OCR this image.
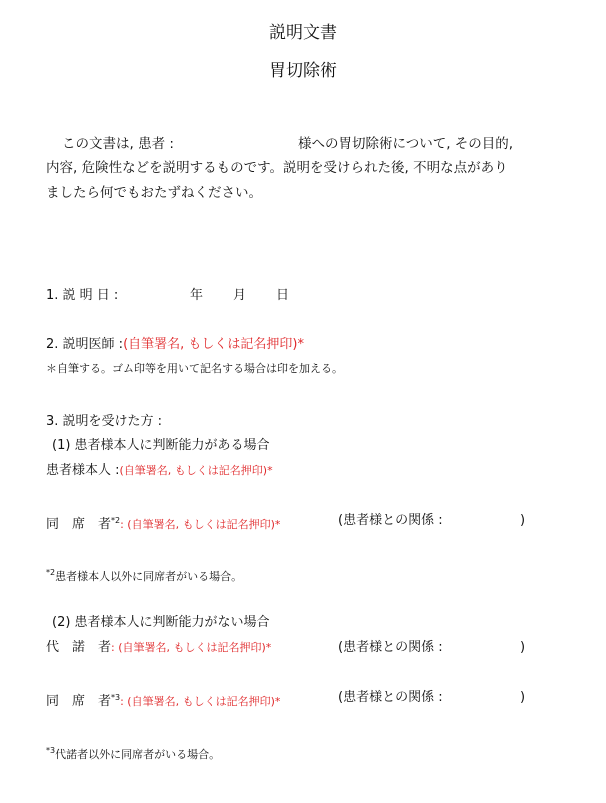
説明文書
胃切除術
この文書は, 患者 :	様への胃切除術について, その目的,
内容, 危険性などを説明するものです。説明を受けられた後, 不明な点があり
ましたら何でもおたずねください。
1. 説 明 日 :	年 月 日
2. 説明医師 :(自筆署名, もしくは記名押印)*
＊自筆する。ゴム印等を用いて記名する場合は印を加える。
3. 説明を受けた方 :
(1) 患者様本人に判断能力がある場合
患者様本人 :(自筆署名, もしくは記名押印)*
同　席　者$^{*2}$: (自筆署名, もしくは記名押印)*	(患者様との関係 :	)
$^{*2}$患者様本人以外に同席者がいる場合。
(2) 患者様本人に判断能力がない場合
代　諾　者: (自筆署名, もしくは記名押印)*	(患者様との関係 :	)
同　席　者$^{*3}$: (自筆署名, もしくは記名押印)*	(患者様との関係 :	)
$^{*3}$代諾者以外に同席者がいる場合。
